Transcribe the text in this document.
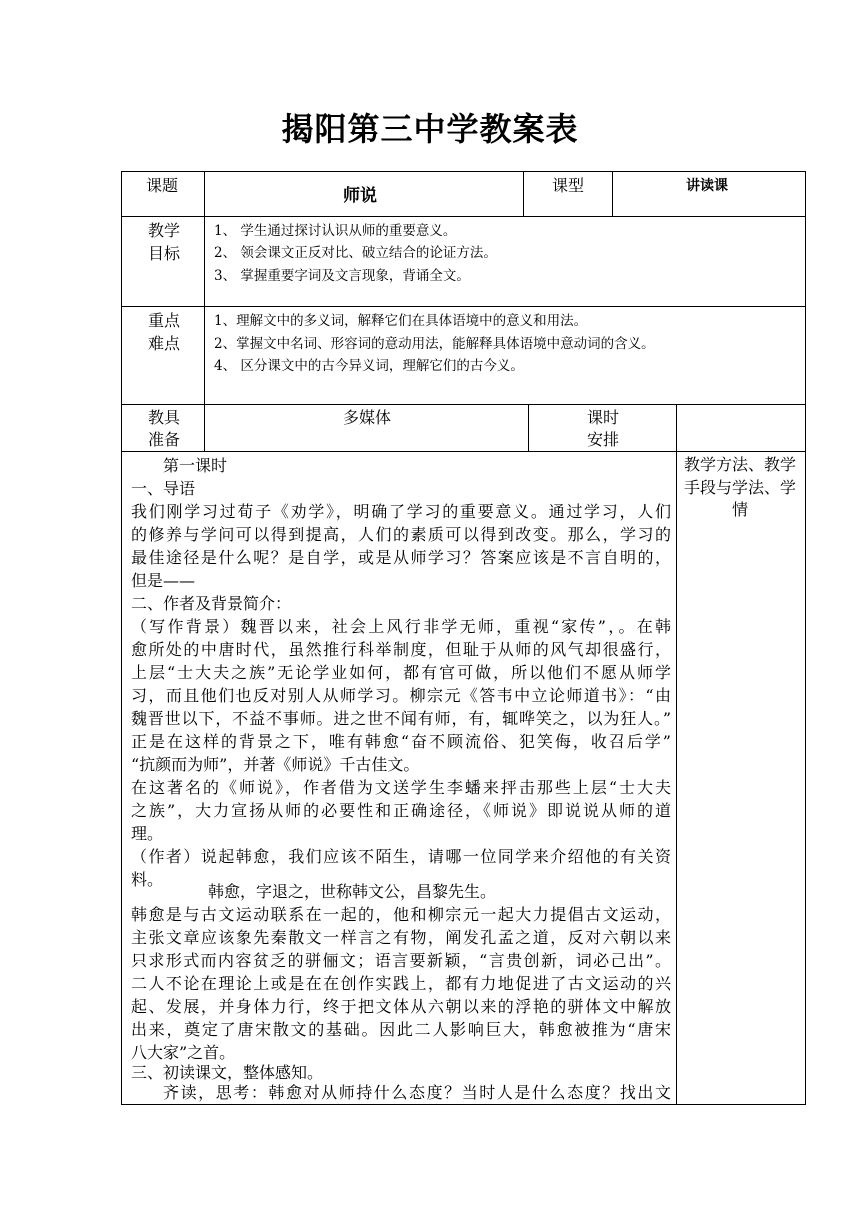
揭阳第三中学教案表
课题
师说
课型	讲读课
教学
目标
1、 学生通过探讨认识从师的重要意义。
2、 领会课文正反对比、破立结合的论证方法。
3、 掌握重要字词及文言现象，背诵全文。
重点
难点
1、理解文中的多义词，解释它们在具体语境中的意义和用法。
2、掌握文中名词、形容词的意动用法，能解释具体语境中意动词的含义。
4、 区分课文中的古今异义词，理解它们的古今义。
教具
准备
多媒体	课时
安排
教学方法、教学
手段与学法、学
情
第一课时
一、导语
我们刚学习过荀子《劝学》，明确了学习的重要意义。通过学习，人们
的修养与学问可以得到提高，人们的素质可以得到改变。那么，学习的
最佳途径是什么呢？是自学，或是从师学习？答案应该是不言自明的，
但是——
二、作者及背景简介：
（写作背景）魏晋以来，社会上风行非学无师，重视“家传”，。在韩
愈所处的中唐时代，虽然推行科举制度，但耻于从师的风气却很盛行，
上层“士大夫之族”无论学业如何，都有官可做，所以他们不愿从师学
习，而且他们也反对别人从师学习。柳宗元《答韦中立论师道书》：“由
魏晋世以下，不益不事师。进之世不闻有师，有，辄哗笑之，以为狂人。”
正是在这样的背景之下，唯有韩愈“奋不顾流俗、犯笑侮，收召后学”
“抗颜而为师”，并著《师说》千古佳文。
在这著名的《师说》，作者借为文送学生李蟠来抨击那些上层“士大夫
之族”，大力宣扬从师的必要性和正确途径，《师说》即说说从师的道
理。
（作者）说起韩愈，我们应该不陌生，请哪一位同学来介绍他的有关资
料。
韩愈，字退之，世称韩文公，昌黎先生。
韩愈是与古文运动联系在一起的，他和柳宗元一起大力提倡古文运动，
主张文章应该象先秦散文一样言之有物，阐发孔孟之道，反对六朝以来
只求形式而内容贫乏的骈俪文；语言要新颖，“言贵创新，词必己出”。
二人不论在理论上或是在在创作实践上，都有力地促进了古文运动的兴
起、发展，并身体力行，终于把文体从六朝以来的浮艳的骈体文中解放
出来，奠定了唐宋散文的基础。因此二人影响巨大，韩愈被推为“唐宋
八大家”之首。
三、初读课文，整体感知。
齐读，思考：韩愈对从师持什么态度？当时人是什么态度？找出文
